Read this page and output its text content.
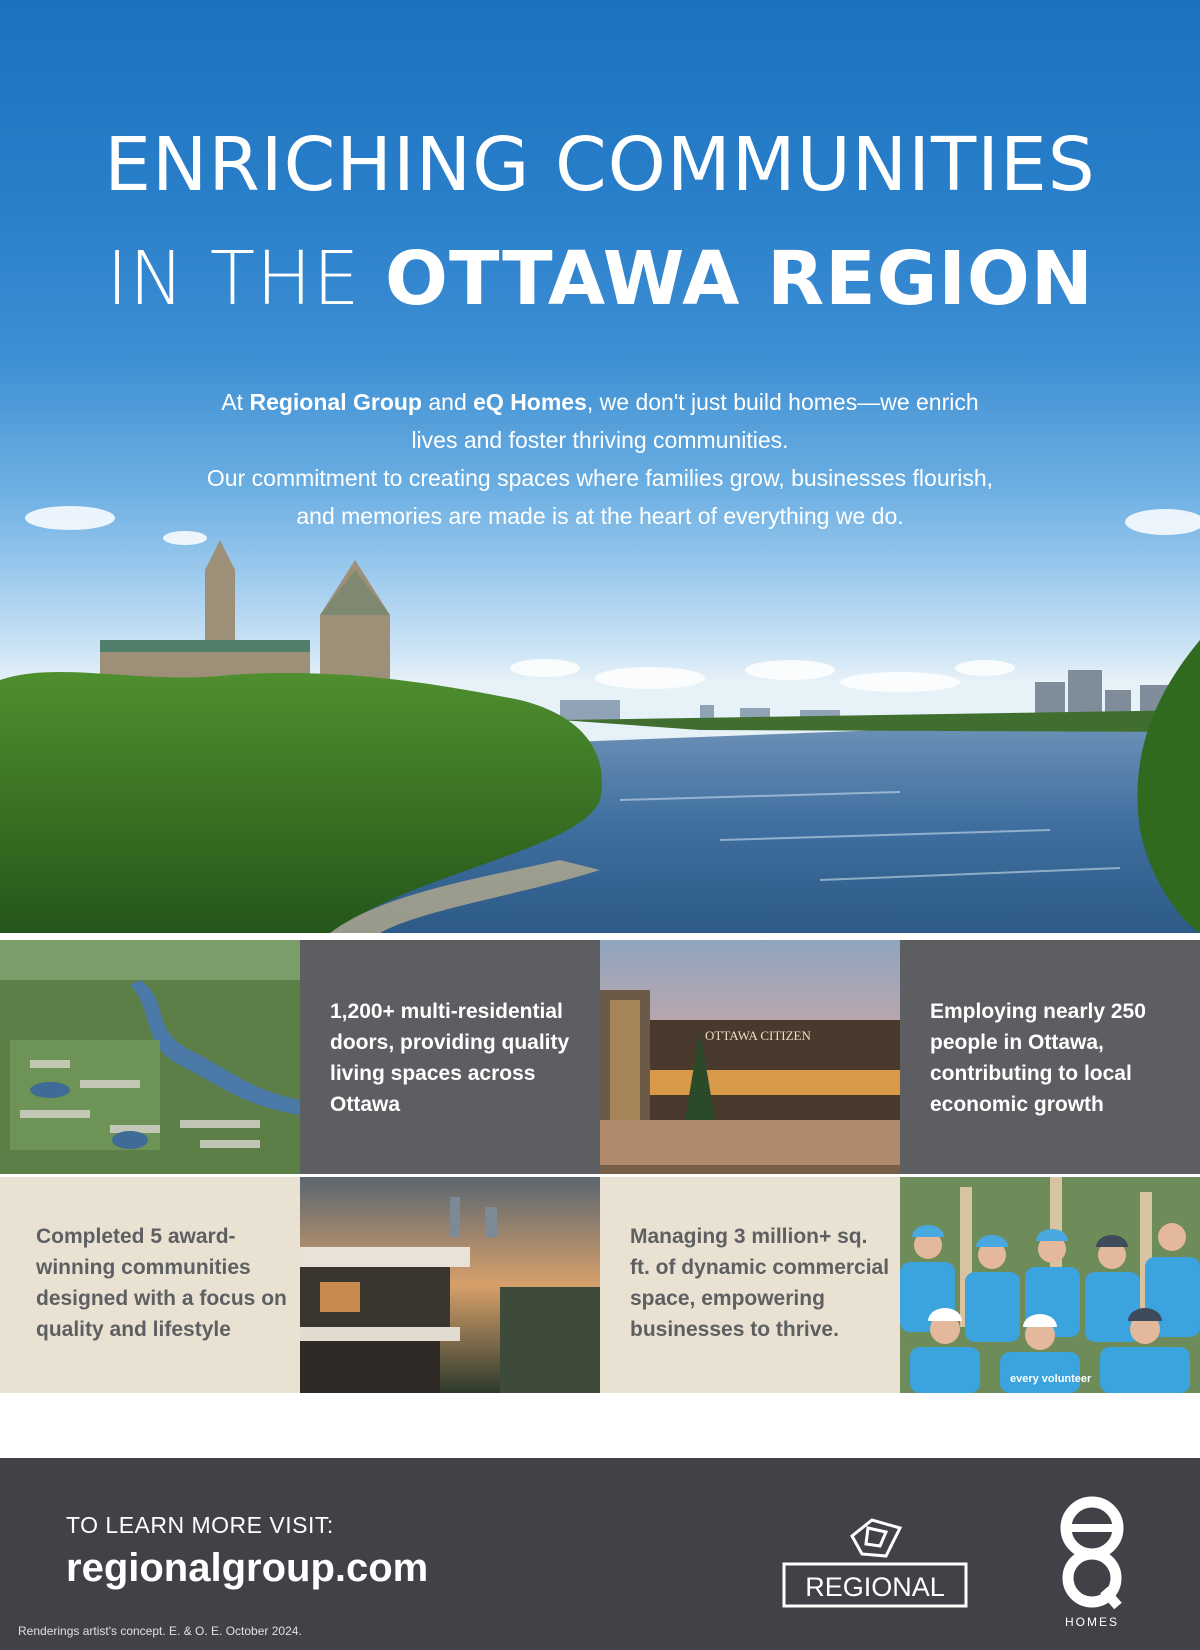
ENRICHING COMMUNITIES
IN THE OTTAWA REGION
At Regional Group and eQ Homes, we don't just build homes—we enrich
lives and foster thriving communities.
Our commitment to creating spaces where families grow, businesses flourish,
and memories are made is at the heart of everything we do.
1,200+ multi-residential doors, providing quality living spaces across Ottawa
OTTAWA CITIZEN
Employing nearly 250 people in Ottawa, contributing to local economic growth
Completed 5 award-winning communities designed with a focus on quality and lifestyle
Managing 3 million+ sq. ft. of dynamic commercial space, empowering businesses to thrive.
every volunteer
TO LEARN MORE VISIT:
regionalgroup.com
Renderings artist's concept. E. & O. E. October 2024.
REGIONAL
HOMES
